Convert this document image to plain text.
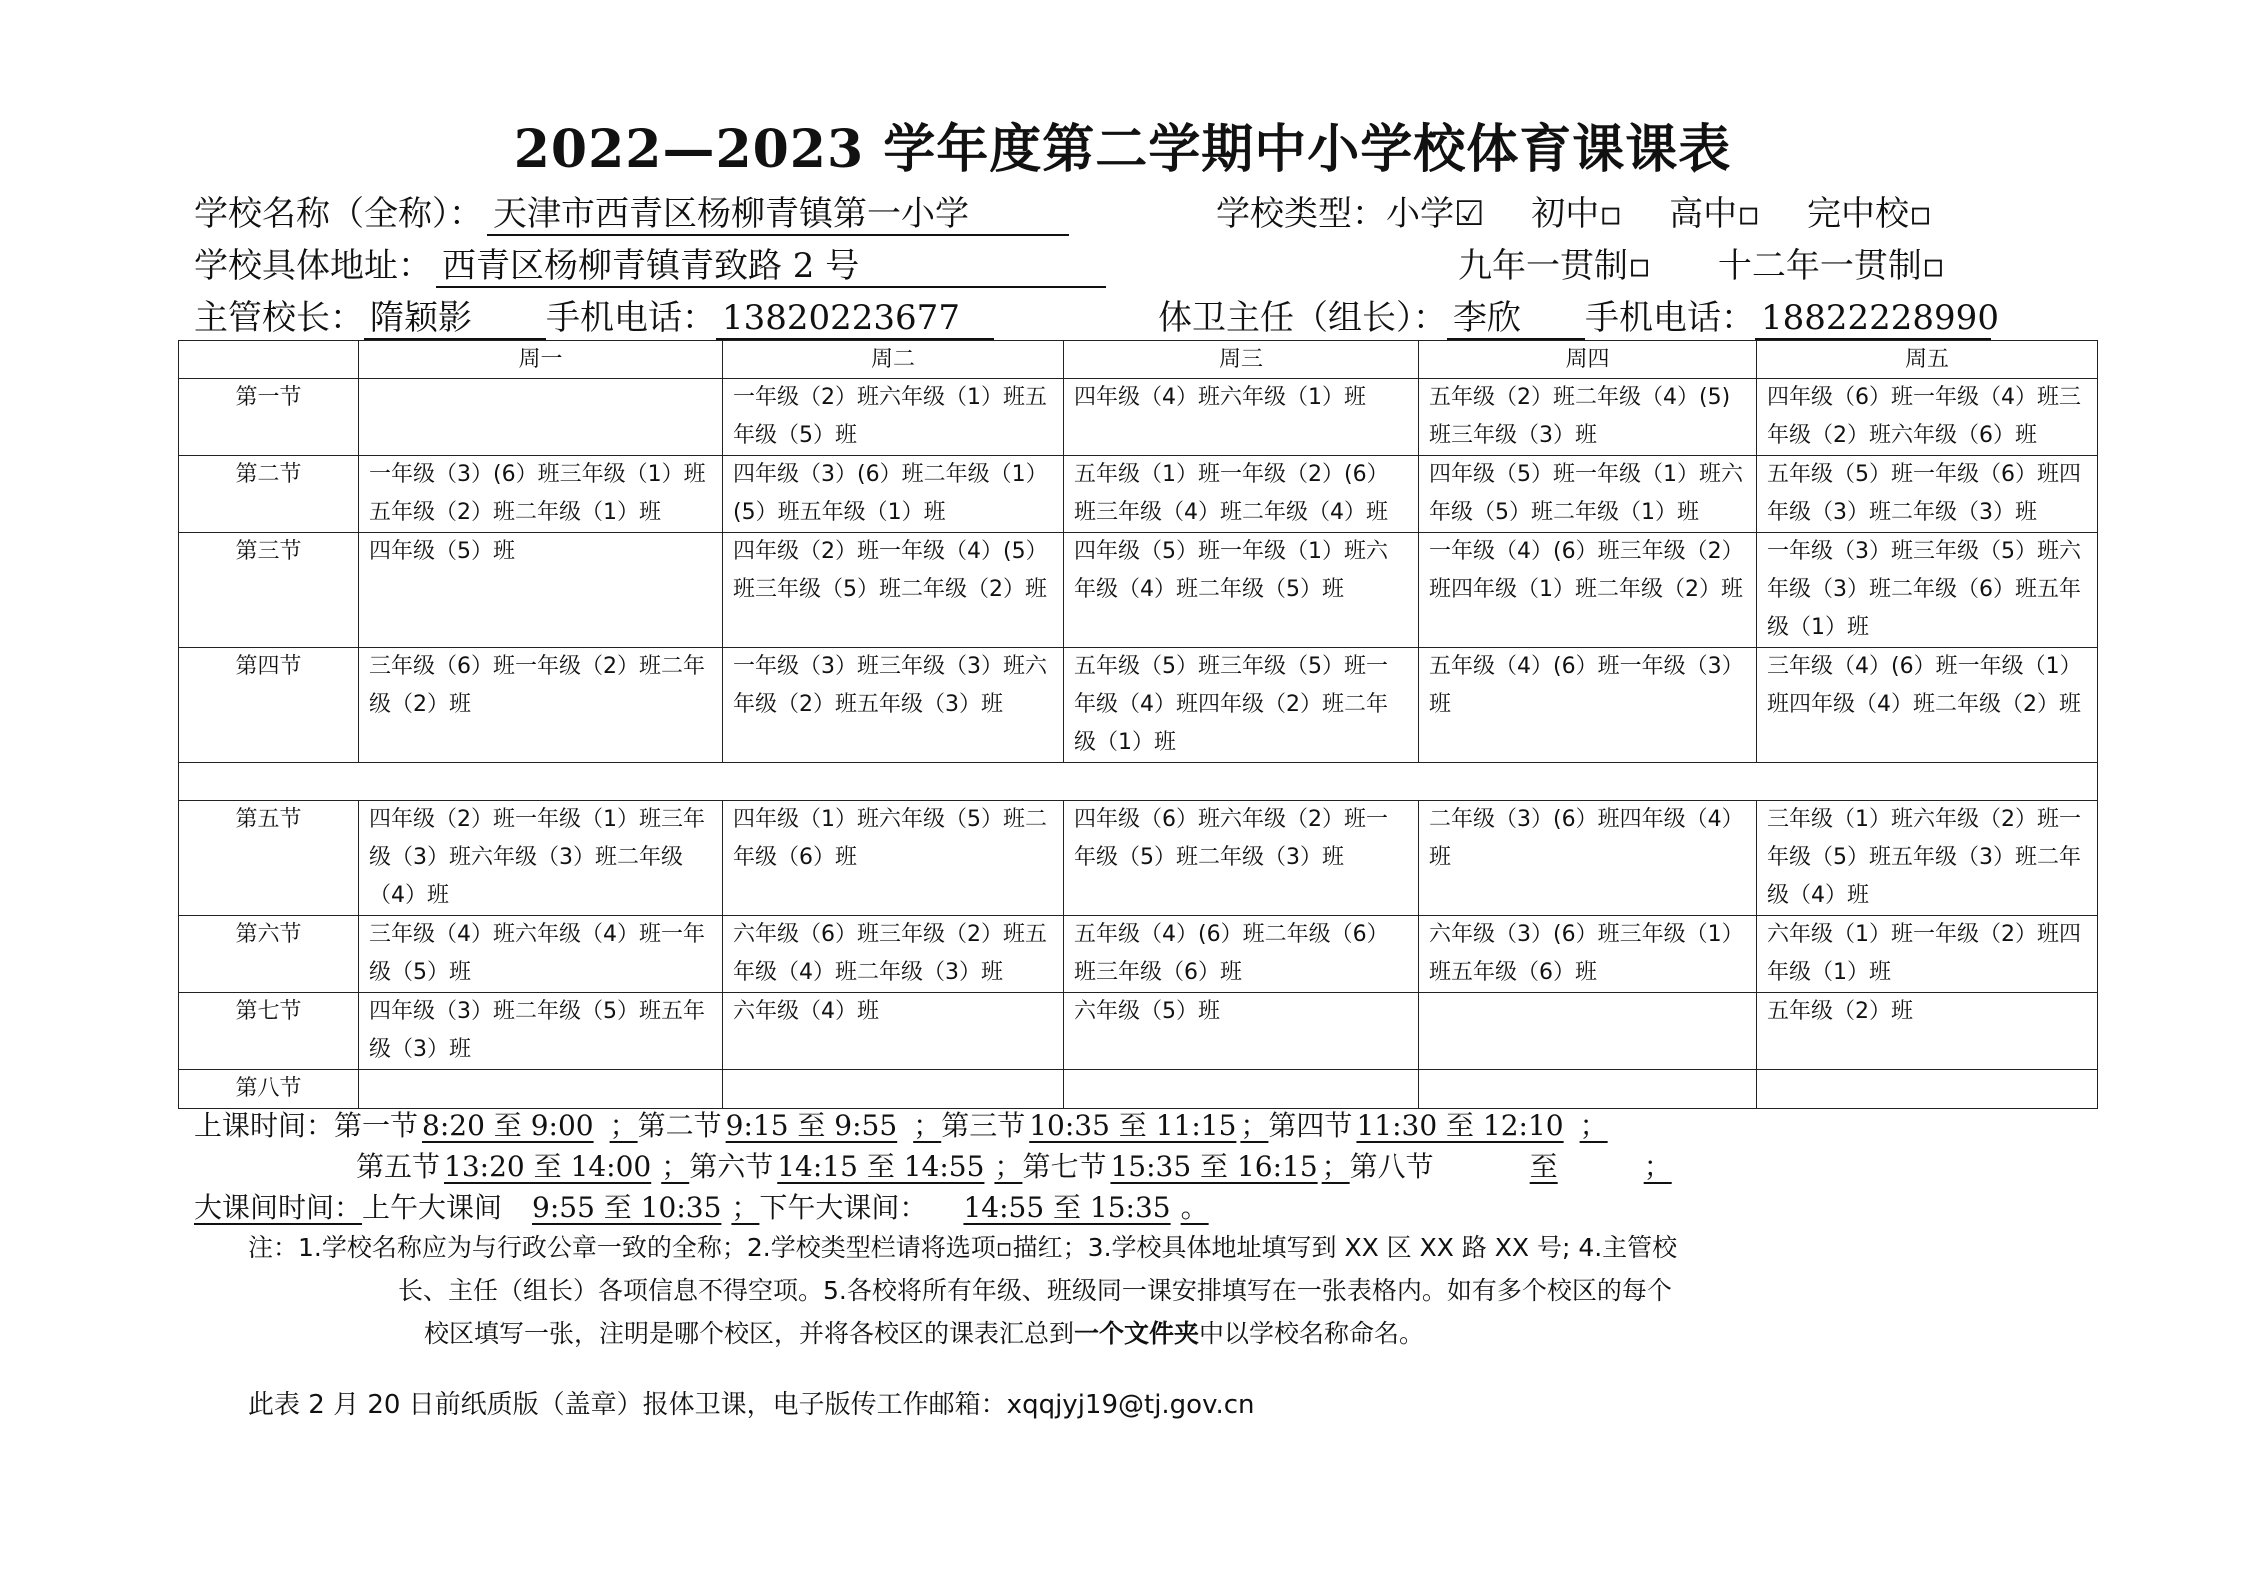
2022—2023 学年度第二学期中小学校体育课课表
学校名称（全称）： 天津市西青区杨柳青镇第一小学	学校类型：小学☑ 初中▫ 高中▫ 完中校▫
学校具体地址： 西青区杨柳青镇青致路 2 号	九年一贯制▫ 十二年一贯制▫
主管校长： 隋颖影 手机电话： 13820223677	体卫主任（组长）： 李欣 手机电话： 18822228990
	周一	周二	周三	周四	周五
第一节		一年级（2）班六年级（1）班五年级（5）班	四年级（4）班六年级（1）班	五年级（2）班二年级（4）(5)班三年级（3）班	四年级（6）班一年级（4）班三年级（2）班六年级（6）班
第二节	一年级（3）(6）班三年级（1）班五年级（2）班二年级（1）班	四年级（3）(6）班二年级（1）(5）班五年级（1）班	五年级（1）班一年级（2）(6）班三年级（4）班二年级（4）班	四年级（5）班一年级（1）班六年级（5）班二年级（1）班	五年级（5）班一年级（6）班四年级（3）班二年级（3）班
第三节	四年级（5）班	四年级（2）班一年级（4）(5）班三年级（5）班二年级（2）班	四年级（5）班一年级（1）班六年级（4）班二年级（5）班	一年级（4）(6）班三年级（2）班四年级（1）班二年级（2）班	一年级（3）班三年级（5）班六年级（3）班二年级（6）班五年级（1）班
第四节	三年级（6）班一年级（2）班二年级（2）班	一年级（3）班三年级（3）班六年级（2）班五年级（3）班	五年级（5）班三年级（5）班一年级（4）班四年级（2）班二年级（1）班	五年级（4）(6）班一年级（3）班	三年级（4）(6）班一年级（1）班四年级（4）班二年级（2）班

第五节	四年级（2）班一年级（1）班三年级（3）班六年级（3）班二年级（4）班	四年级（1）班六年级（5）班二年级（6）班	四年级（6）班六年级（2）班一年级（5）班二年级（3）班	二年级（3）(6）班四年级（4）班	三年级（1）班六年级（2）班一年级（5）班五年级（3）班二年级（4）班
第六节	三年级（4）班六年级（4）班一年级（5）班	六年级（6）班三年级（2）班五年级（4）班二年级（3）班	五年级（4）(6）班二年级（6）班三年级（6）班	六年级（3）(6）班三年级（1）班五年级（6）班	六年级（1）班一年级（2）班四年级（1）班
第七节	四年级（3）班二年级（5）班五年级（3）班	六年级（4）班	六年级（5）班		五年级（2）班
第八节					
上课时间：第一节 8:20 至 9:00 ；第二节 9:15 至 9:55 ；第三节 10:35 至 11:15 ；第四节 11:30 至 12:10 ；
第五节 13:20 至 14:00 ；第六节 14:15 至 14:55 ；第七节 15:35 至 16:15 ；第八节	至	；
大课间时间：上午大课间 9:55 至 10:35 ；下午大课间： 14:55 至 15:35 。
注：1.学校名称应为与行政公章一致的全称；2.学校类型栏请将选项▫描红；3.学校具体地址填写到 XX 区 XX 路 XX 号; 4.主管校
长、主任（组长）各项信息不得空项。5.各校将所有年级、班级同一课安排填写在一张表格内。如有多个校区的每个
校区填写一张，注明是哪个校区，并将各校区的课表汇总到一个文件夹中以学校名称命名。
此表 2 月 20 日前纸质版（盖章）报体卫课，电子版传工作邮箱：xqqjyj19@tj.gov.cn
